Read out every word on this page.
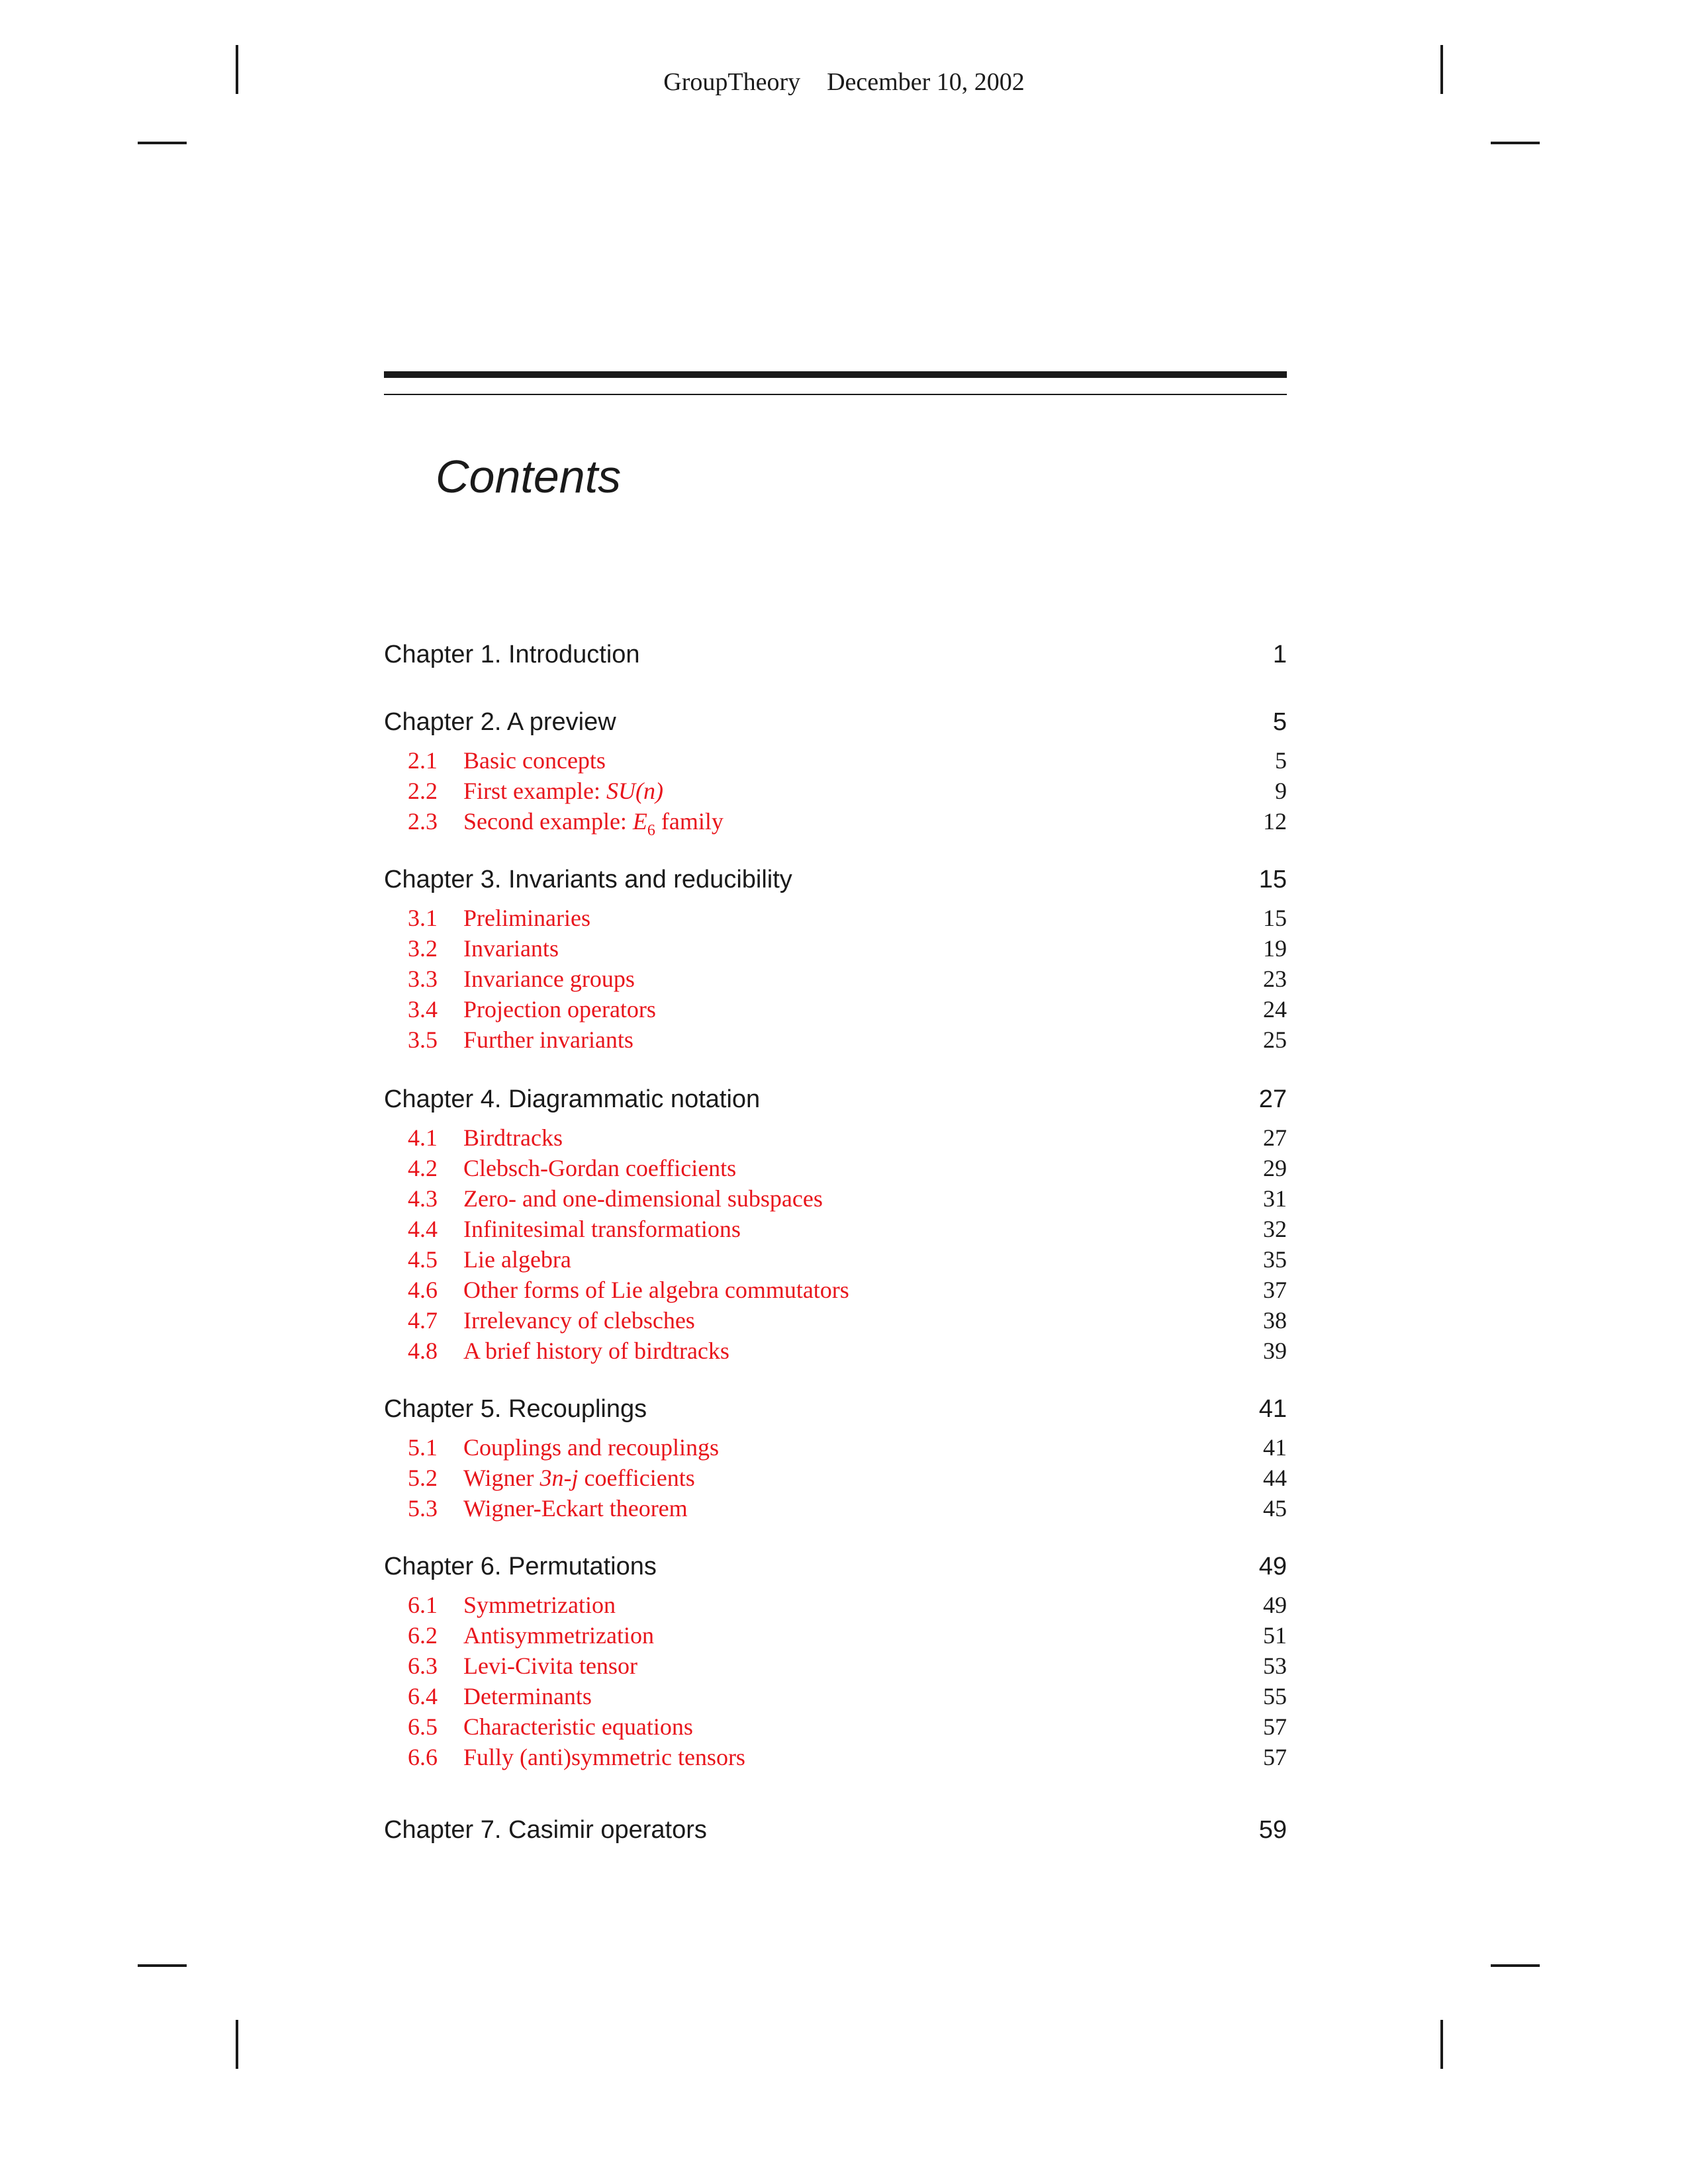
GroupTheory December 10, 2002
Contents
Chapter 1. Introduction	1
Chapter 2. A preview	5
2.1 Basic concepts	5
2.2 First example: SU(n)	9
2.3 Second example: $E_6$ family	12
Chapter 3. Invariants and reducibility	15
3.1 Preliminaries	15
3.2 Invariants	19
3.3 Invariance groups	23
3.4 Projection operators	24
3.5 Further invariants	25
Chapter 4. Diagrammatic notation	27
4.1 Birdtracks	27
4.2 Clebsch-Gordan coefficients	29
4.3 Zero- and one-dimensional subspaces	31
4.4 Infinitesimal transformations	32
4.5 Lie algebra	35
4.6 Other forms of Lie algebra commutators	37
4.7 Irrelevancy of clebsches	38
4.8 A brief history of birdtracks	39
Chapter 5. Recouplings	41
5.1 Couplings and recouplings	41
5.2 Wigner 3n-j coefficients	44
5.3 Wigner-Eckart theorem	45
Chapter 6. Permutations	49
6.1 Symmetrization	49
6.2 Antisymmetrization	51
6.3 Levi-Civita tensor	53
6.4 Determinants	55
6.5 Characteristic equations	57
6.6 Fully (anti)symmetric tensors	57
Chapter 7. Casimir operators	59
